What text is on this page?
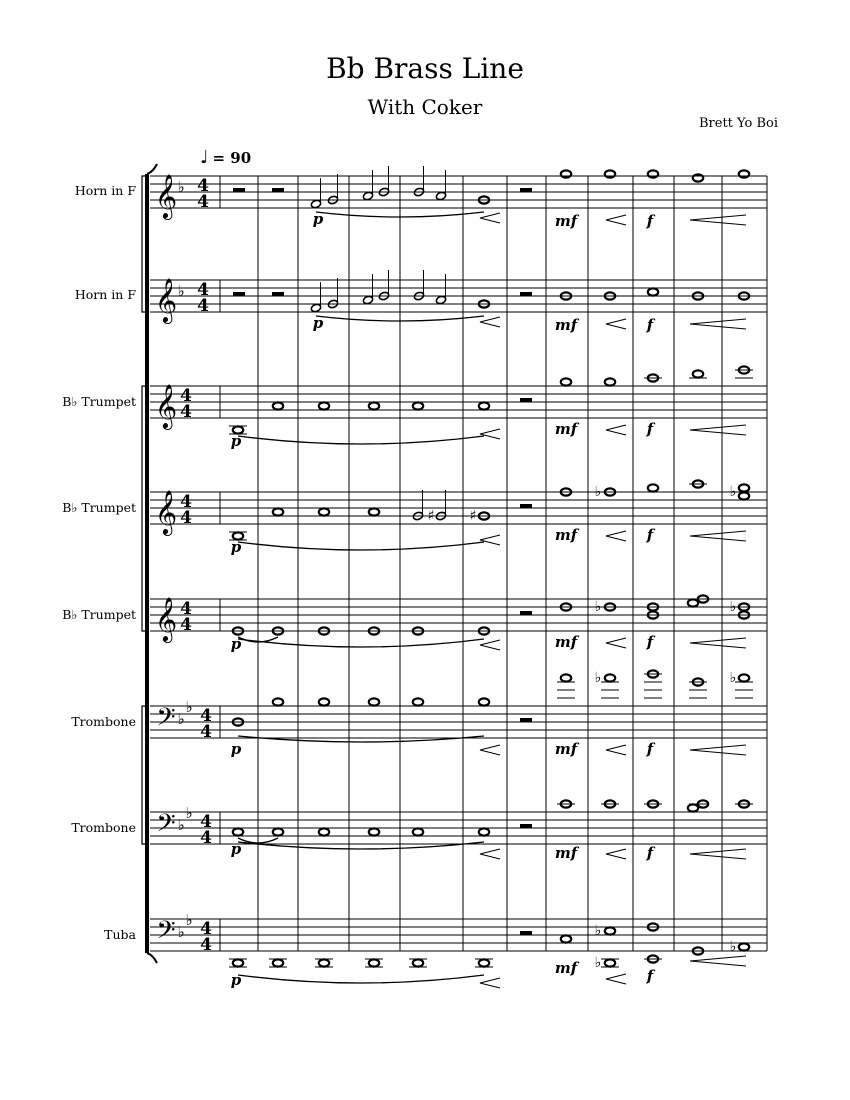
Bb Brass Line
With Coker
Brett Yo Boi
♩ = 90
Horn in F
Horn in F
B♭ Trumpet
B♭ Trumpet
B♭ Trumpet
Trombone
Trombone
Tuba
𝄞 ♭ 4
4
𝄞 ♭ 4
4
𝄞 4
4
𝄞 4
4
𝄞 4
4
𝄢 ♭
♭ 4
4
𝄢 ♭
♭ 4
4
𝄢 ♭
♭ 4
4
p	mf	f
p	mf	f
p
mf	f
♯	♯
♭	♭
p
mf	f
♭	♭
p	mf	f
♭	♭
p	mf	f
p	mf	f
♭
♭
♭
p
mf	f
